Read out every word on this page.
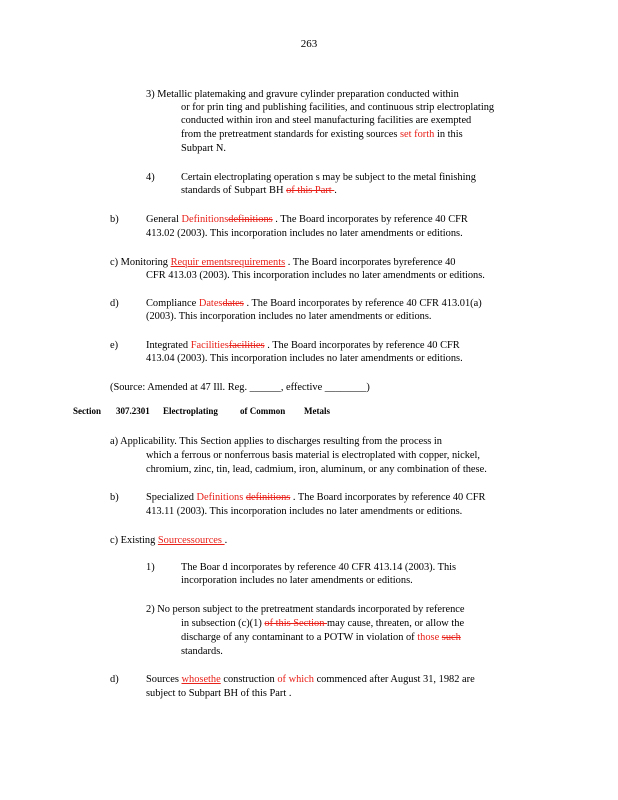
263
3) Metallic platemaking and gravure cylinder preparation conducted within
or for prin ting and publishing facilities, and continuous strip electroplating
conducted within iron and steel manufacturing facilities are exempted
from the pretreatment standards for existing sources set forth in this
Subpart N.
4)	Certain electroplating operation s may be subject to the metal finishing
standards of Subpart BH of this Part .
b)	General Definitionsdefinitions . The Board incorporates by reference 40 CFR
413.02 (2003). This incorporation includes no later amendments or editions.
c) Monitoring Requir ementsrequirements . The Board incorporates byreference 40
CFR 413.03 (2003). This incorporation includes no later amendments or editions.
d)	Compliance Datesdates . The Board incorporates by reference 40 CFR 413.01(a)
(2003). This incorporation includes no later amendments or editions.
e)	Integrated Facilitiesfacilities . The Board incorporates by reference 40 CFR
413.04 (2003). This incorporation includes no later amendments or editions.
(Source: Amended at 47 Ill. Reg. ______, effective ________)
Section 307.2301 Electroplating of Common Metals
a) Applicability. This Section applies to discharges resulting from the process in
which a ferrous or nonferrous basis material is electroplated with copper, nickel,
chromium, zinc, tin, lead, cadmium, iron, aluminum, or any combination of these.
b)	Specialized Definitions definitions . The Board incorporates by reference 40 CFR
413.11 (2003). This incorporation includes no later amendments or editions.
c) Existing Sourcessources .
1)	The Boar d incorporates by reference 40 CFR 413.14 (2003). This
incorporation includes no later amendments or editions.
2) No person subject to the pretreatment standards incorporated by reference
in subsection (c)(1) of this Section may cause, threaten, or allow the
discharge of any contaminant to a POTW in violation of those such
standards.
d)	Sources whosethe construction of which commenced after August 31, 1982 are
subject to Subpart BH of this Part .
